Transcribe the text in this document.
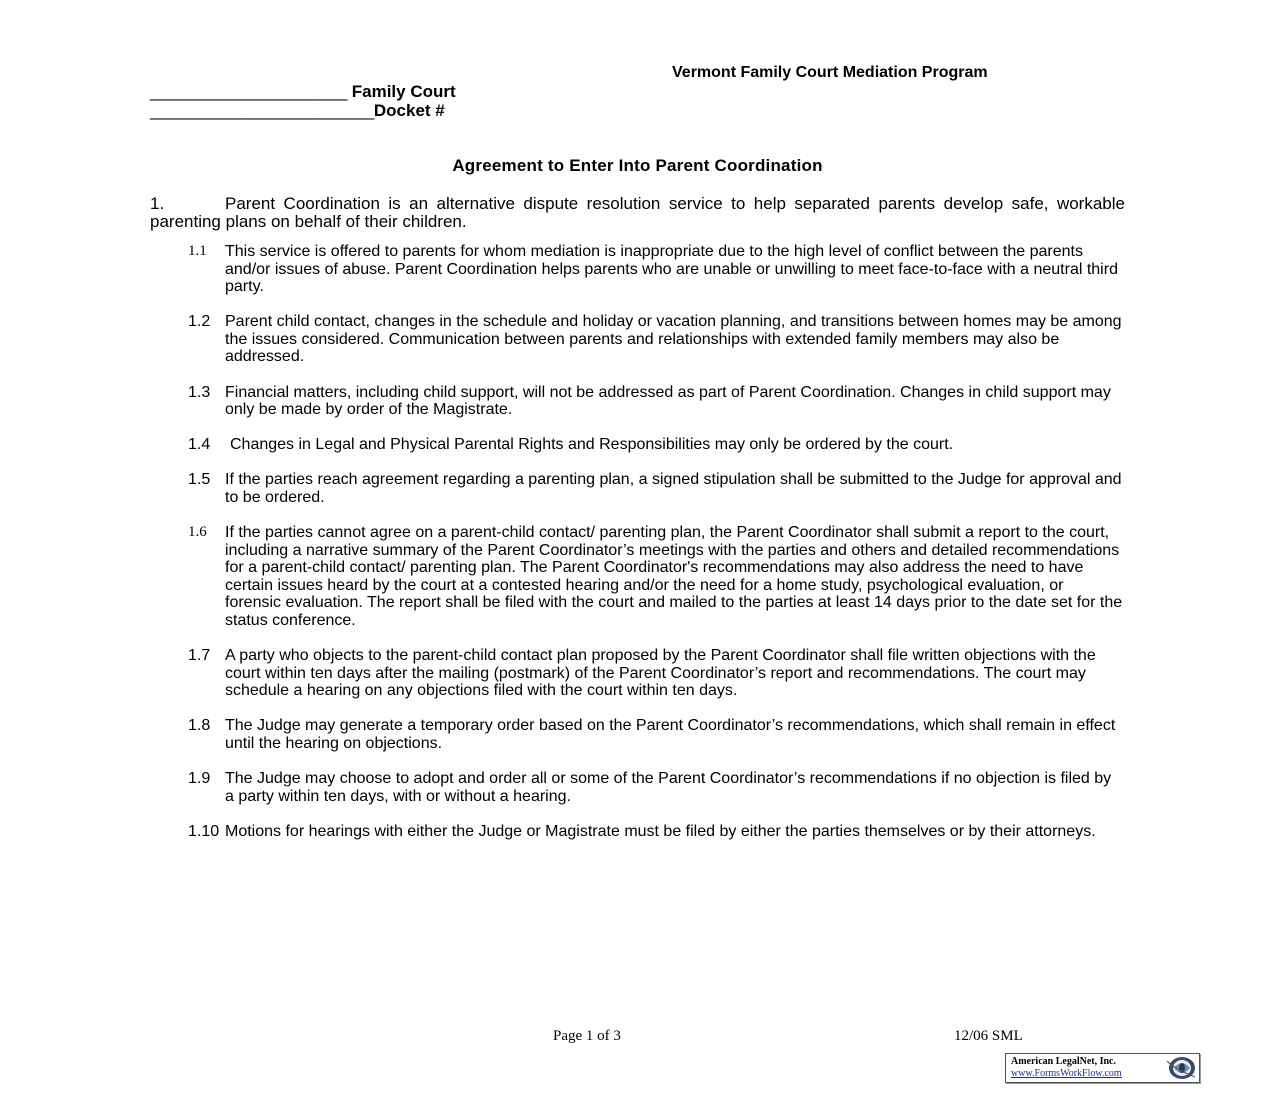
Vermont Family Court Mediation Program
______________________ Family Court
_________________________Docket #
Agreement to Enter Into Parent Coordination
1.	Parent Coordination is an alternative dispute resolution service to help separated parents develop safe, workable parenting plans on behalf of their children.
1.1 This service is offered to parents for whom mediation is inappropriate due to the high level of conflict between the parents and/or issues of abuse. Parent Coordination helps parents who are unable or unwilling to meet face-to-face with a neutral third party.
1.2 Parent child contact, changes in the schedule and holiday or vacation planning, and transitions between homes may be among the issues considered. Communication between parents and relationships with extended family members may also be addressed.
1.3 Financial matters, including child support, will not be addressed as part of Parent Coordination. Changes in child support may only be made by order of the Magistrate.
1.4 Changes in Legal and Physical Parental Rights and Responsibilities may only be ordered by the court.
1.5 If the parties reach agreement regarding a parenting plan, a signed stipulation shall be submitted to the Judge for approval and to be ordered.
1.6 If the parties cannot agree on a parent-child contact/ parenting plan, the Parent Coordinator shall submit a report to the court, including a narrative summary of the Parent Coordinator’s meetings with the parties and others and detailed recommendations for a parent-child contact/ parenting plan. The Parent Coordinator's recommendations may also address the need to have certain issues heard by the court at a contested hearing and/or the need for a home study, psychological evaluation, or forensic evaluation. The report shall be filed with the court and mailed to the parties at least 14 days prior to the date set for the status conference.
1.7 A party who objects to the parent-child contact plan proposed by the Parent Coordinator shall file written objections with the court within ten days after the mailing (postmark) of the Parent Coordinator’s report and recommendations. The court may schedule a hearing on any objections filed with the court within ten days.
1.8 The Judge may generate a temporary order based on the Parent Coordinator’s recommendations, which shall remain in effect until the hearing on objections.
1.9 The Judge may choose to adopt and order all or some of the Parent Coordinator’s recommendations if no objection is filed by a party within ten days, with or without a hearing.
1.10 Motions for hearings with either the Judge or Magistrate must be filed by either the parties themselves or by their attorneys.
Page 1 of 3	12/06 SML
American LegalNet, Inc.
www.FormsWorkFlow.com
